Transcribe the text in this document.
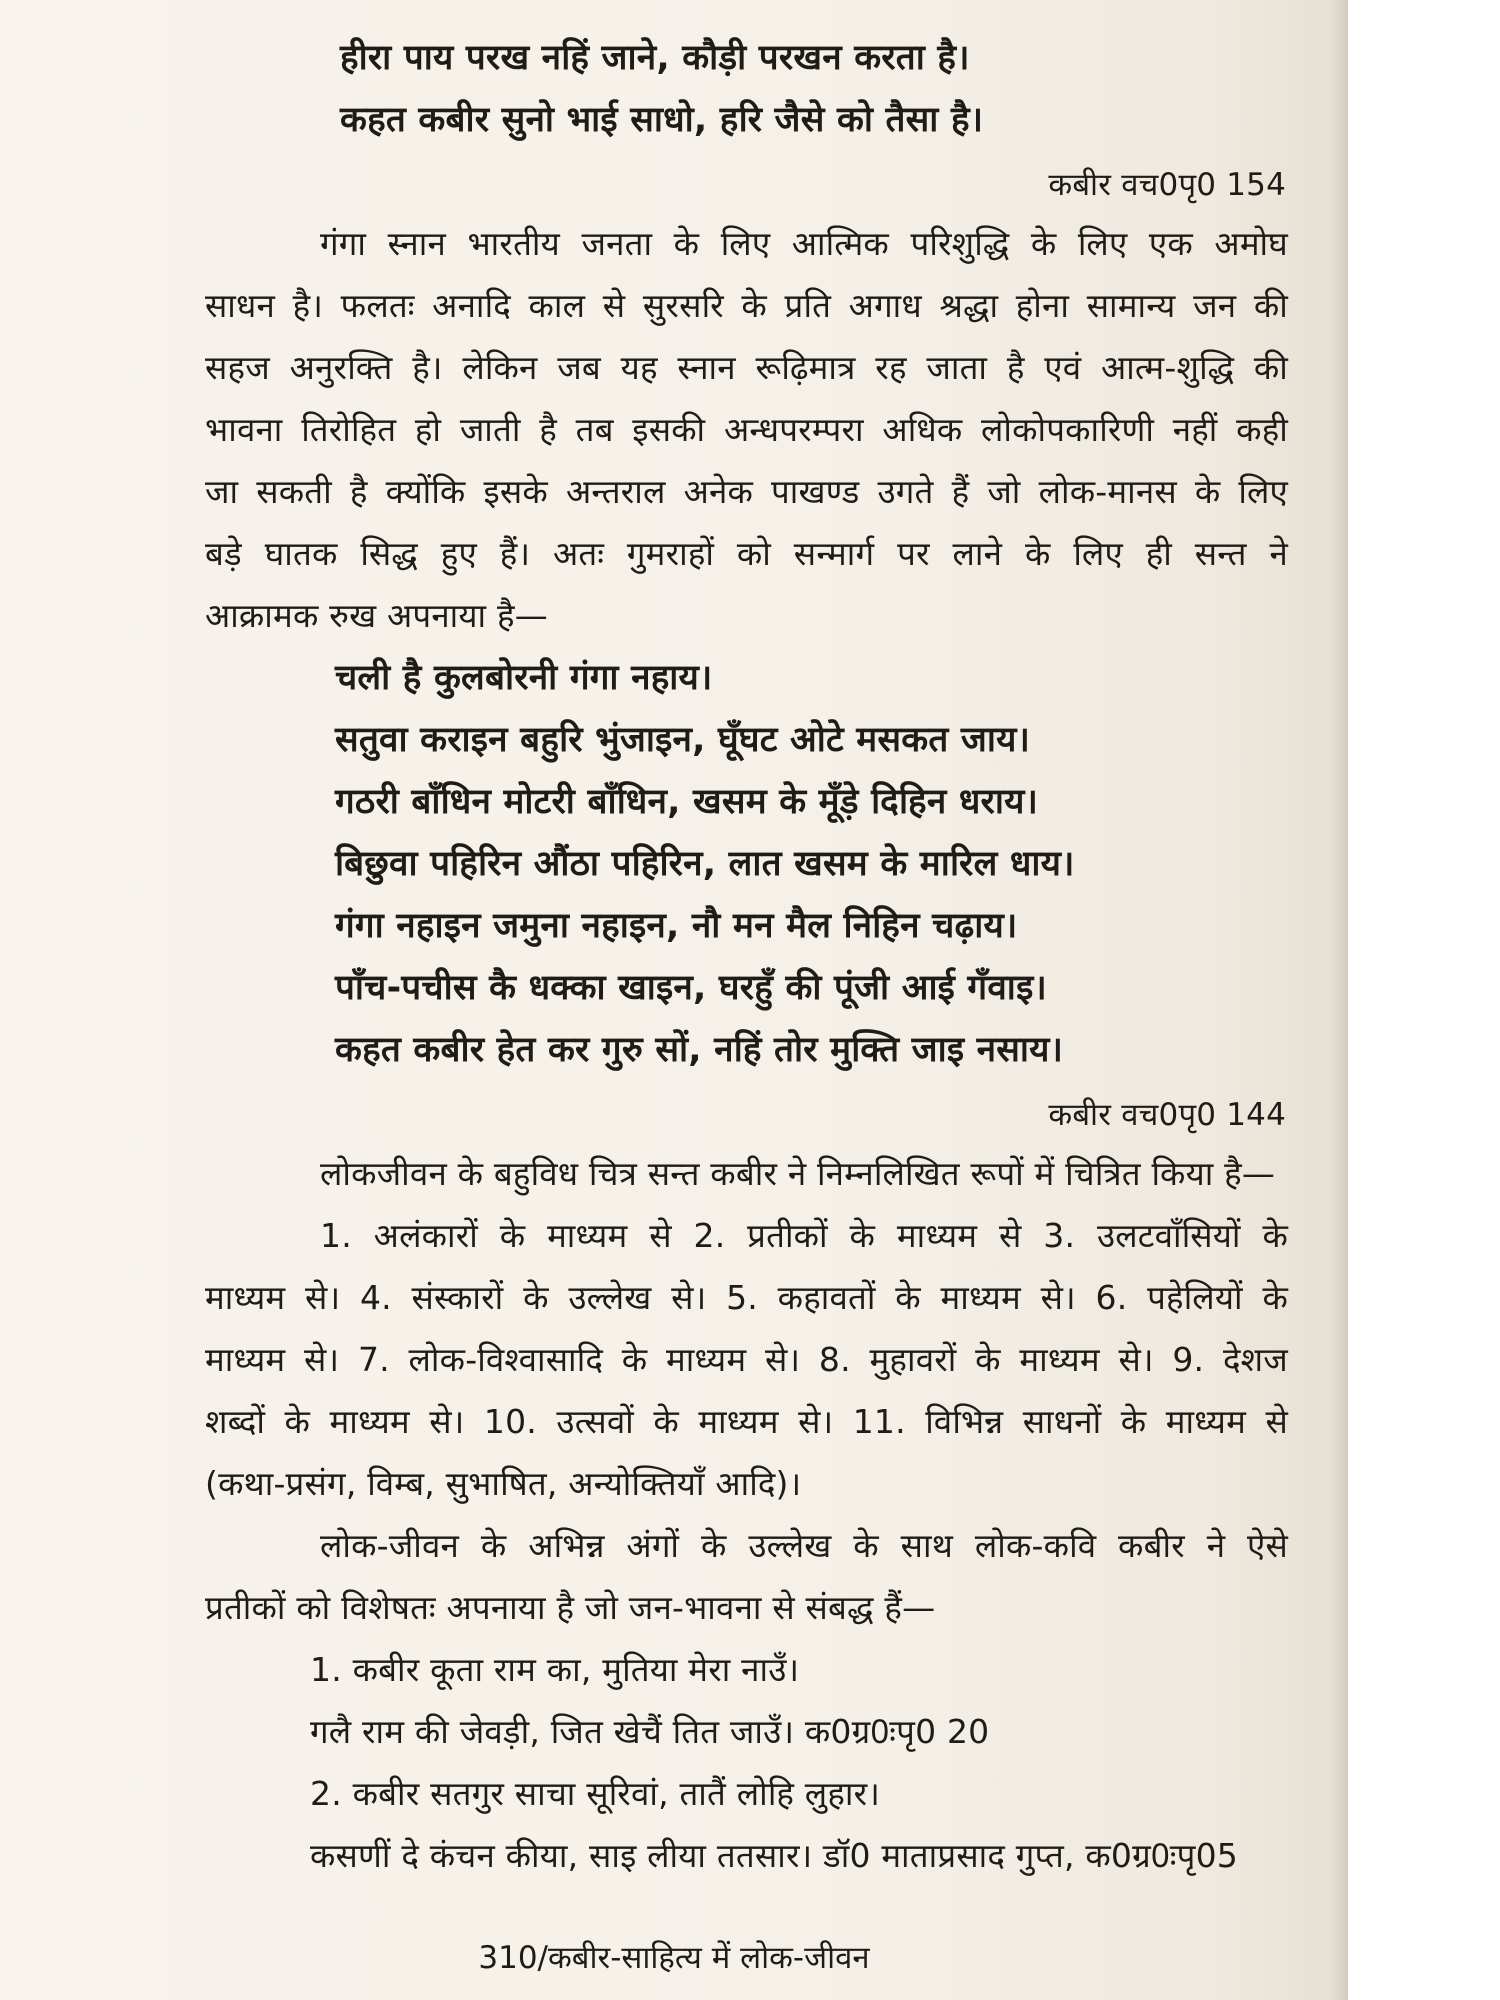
हीरा पाय परख नहिं जाने, कौड़ी परखन करता है।
कहत कबीर सुनो भाई साधो, हरि जैसे को तैसा है।
कबीर वच0पृ0 154
गंगा स्नान भारतीय जनता के लिए आत्मिक परिशुद्धि के लिए एक अमोघ
साधन है। फलतः अनादि काल से सुरसरि के प्रति अगाध श्रद्धा होना सामान्य जन की
सहज अनुरक्ति है। लेकिन जब यह स्नान रूढ़िमात्र रह जाता है एवं आत्म-शुद्धि की
भावना तिरोहित हो जाती है तब इसकी अन्धपरम्परा अधिक लोकोपकारिणी नहीं कही
जा सकती है क्योंकि इसके अन्तराल अनेक पाखण्ड उगते हैं जो लोक-मानस के लिए
बड़े घातक सिद्ध हुए हैं। अतः गुमराहों को सन्मार्ग पर लाने के लिए ही सन्त ने
आक्रामक रुख अपनाया है—
चली है कुलबोरनी गंगा नहाय।
सतुवा कराइन बहुरि भुंजाइन, घूँघट ओटे मसकत जाय।
गठरी बाँधिन मोटरी बाँधिन, खसम के मूँड़े दिहिन धराय।
बिछुवा पहिरिन औंठा पहिरिन, लात खसम के मारिल धाय।
गंगा नहाइन जमुना नहाइन, नौ मन मैल निहिन चढ़ाय।
पाँच-पचीस कै धक्का खाइन, घरहुँ की पूंजी आई गँवाइ।
कहत कबीर हेत कर गुरु सों, नहिं तोर मुक्ति जाइ नसाय।
कबीर वच0पृ0 144
लोकजीवन के बहुविध चित्र सन्त कबीर ने निम्नलिखित रूपों में चित्रित किया है—
1. अलंकारों के माध्यम से 2. प्रतीकों के माध्यम से 3. उलटवाँसियों के
माध्यम से। 4. संस्कारों के उल्लेख से। 5. कहावतों के माध्यम से। 6. पहेलियों के
माध्यम से। 7. लोक-विश्वासादि के माध्यम से। 8. मुहावरों के माध्यम से। 9. देशज
शब्दों के माध्यम से। 10. उत्सवों के माध्यम से। 11. विभिन्न साधनों के माध्यम से
(कथा-प्रसंग, विम्ब, सुभाषित, अन्योक्तियाँ आदि)।
लोक-जीवन के अभिन्न अंगों के उल्लेख के साथ लोक-कवि कबीर ने ऐसे
प्रतीकों को विशेषतः अपनाया है जो जन-भावना से संबद्ध हैं—
1. कबीर कूता राम का, मुतिया मेरा नाउँ।
गलै राम की जेवड़ी, जित खेचैं तित जाउँ। क0ग्र0ःपृ0 20
2. कबीर सतगुर साचा सूरिवां, तातैं लोहि लुहार।
कसणीं दे कंचन कीया, साइ लीया ततसार। डॉ0 माताप्रसाद गुप्त, क0ग्र0ःपृ05
310/कबीर-साहित्य में लोक-जीवन
